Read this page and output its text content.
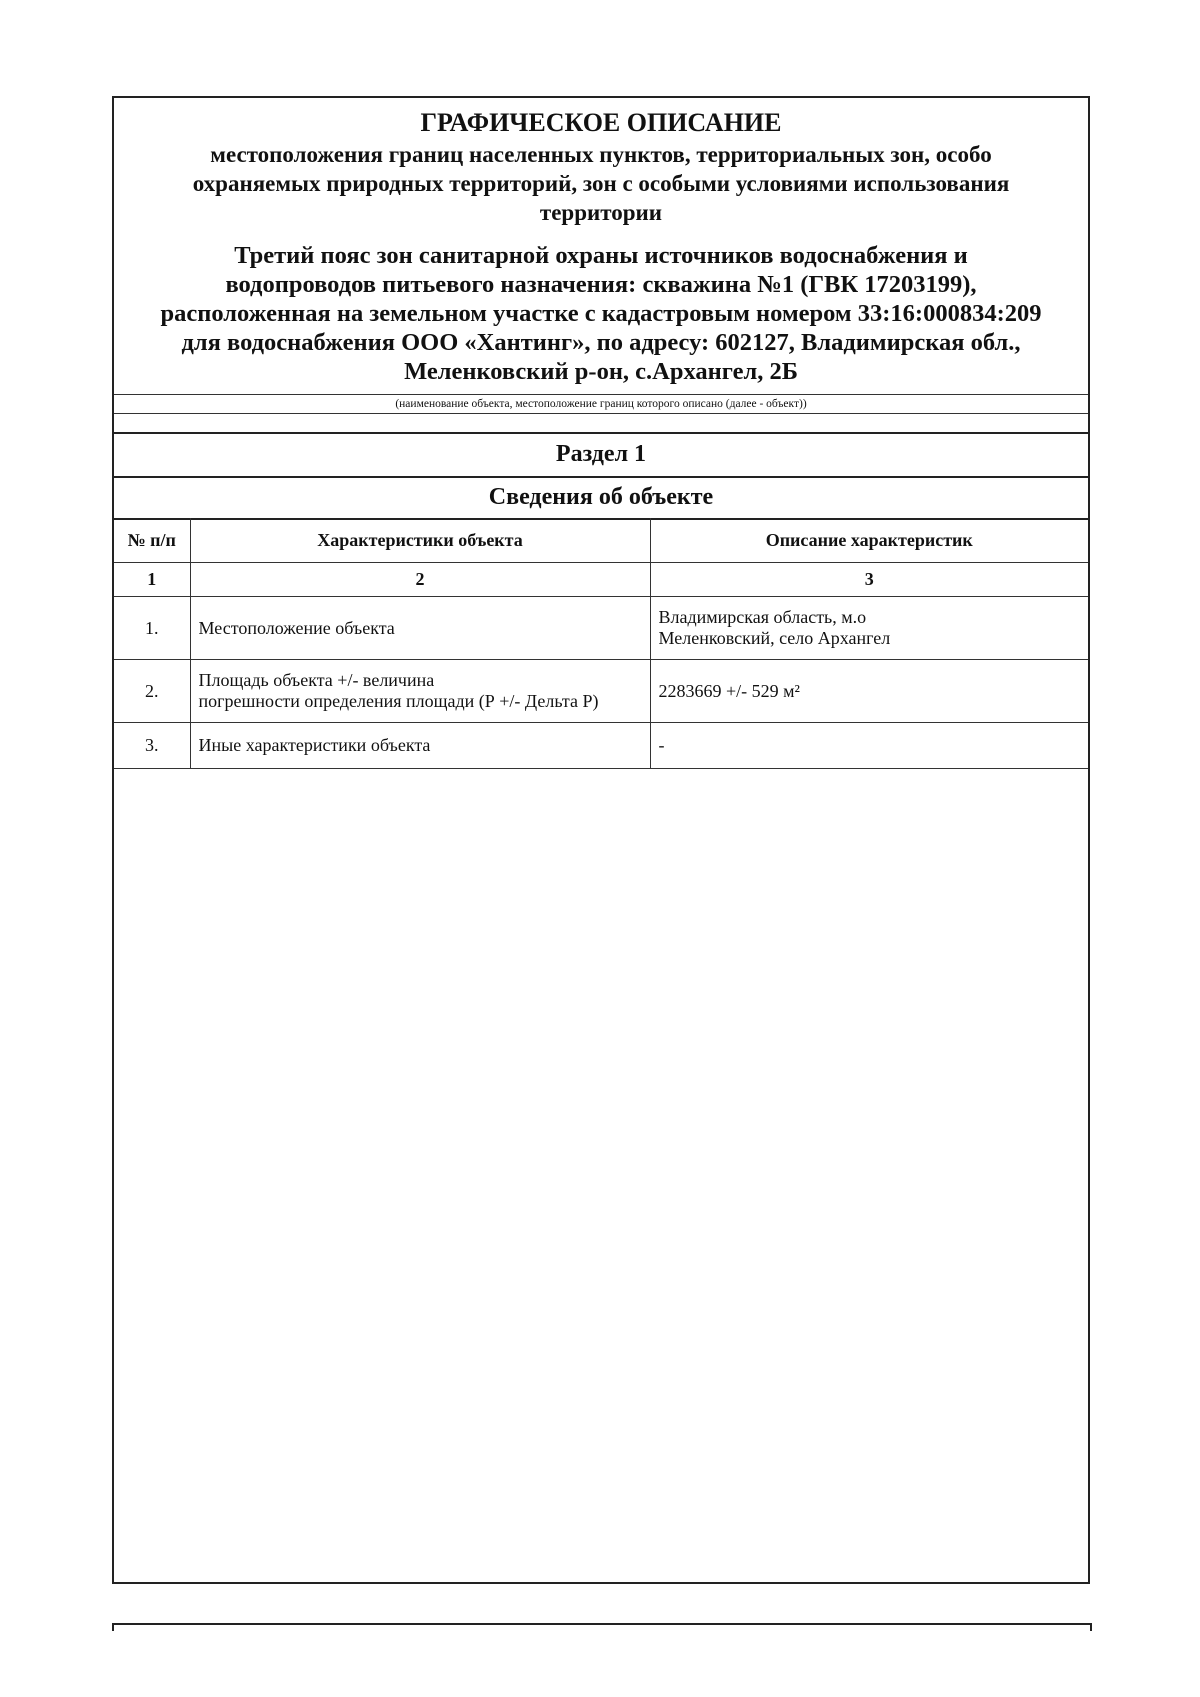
ГРАФИЧЕСКОЕ ОПИСАНИЕ

местоположения границ населенных пунктов, территориальных зон, особо
охраняемых природных территорий, зон с особыми условиями использования
территории

Третий пояс зон санитарной охраны источников водоснабжения и
водопроводов питьевого назначения: скважина №1 (ГВК 17203199),
расположенная на земельном участке с кадастровым номером 33:16:000834:209
для водоснабжения ООО «Хантинг», по адресу: 602127, Владимирская обл.,
Меленковский р-он, с.Архангел, 2Б

(наименование объекта, местоположение границ которого описано (далее - объект))
Раздел 1
Сведения об объекте
№ п/п	Характеристики объекта	Описание характеристик
1	2	3
1.	Местоположение объекта	Владимирская область, м.о
Меленковский, село Архангел
2.	Площадь объекта +/- величина
погрешности определения площади (Р +/- Дельта Р)	2283669 +/- 529 м²
3.	Иные характеристики объекта	-
